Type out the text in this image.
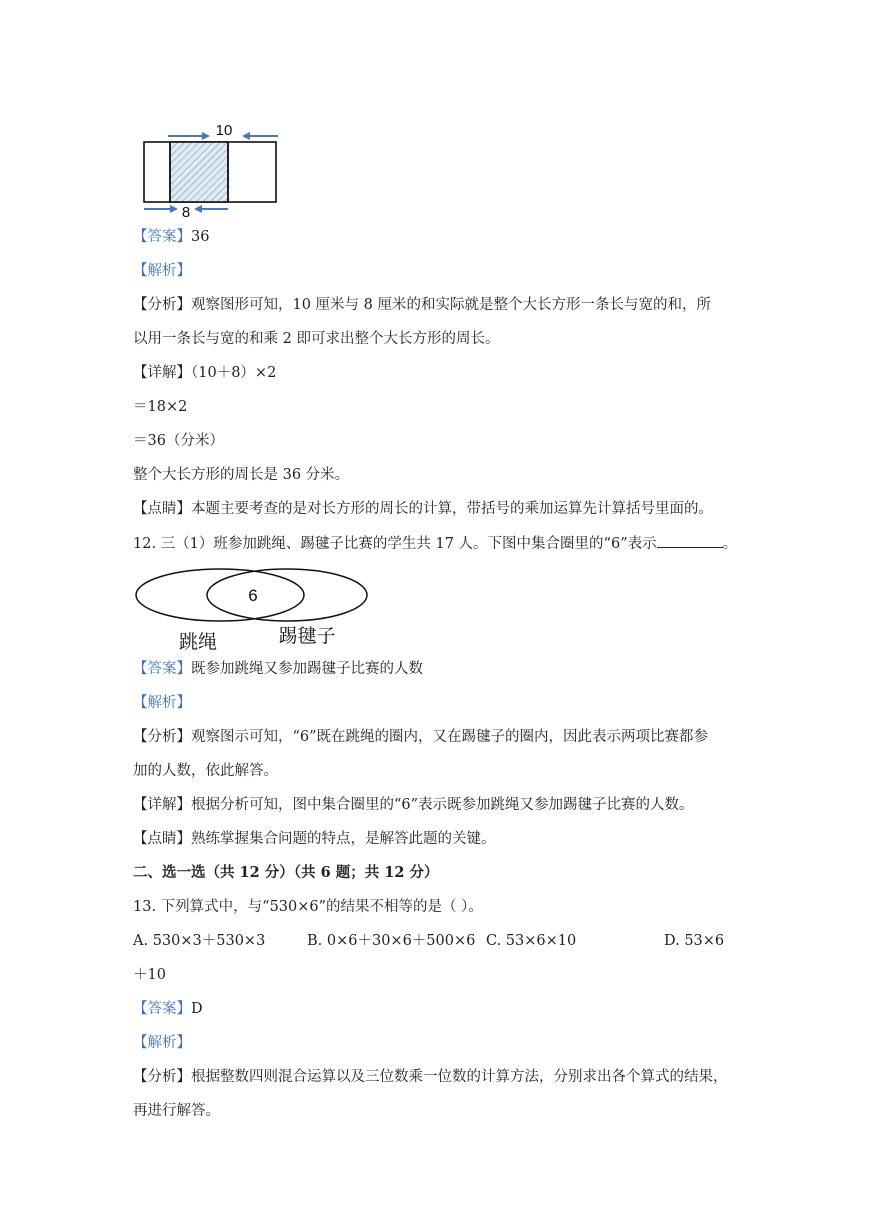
10
8
【答案】36
【解析】
【分析】观察图形可知，10 厘米与 8 厘米的和实际就是整个大长方形一条长与宽的和，所
以用一条长与宽的和乘 2 即可求出整个大长方形的周长。
【详解】（10＋8）×2
＝18×2
＝36（分米）
整个大长方形的周长是 36 分米。
【点睛】本题主要考查的是对长方形的周长的计算，带括号的乘加运算先计算括号里面的。
12. 三（1）班参加跳绳、踢毽子比赛的学生共 17 人。下图中集合圈里的“6”表示	。
6
跳绳	踢毽子
【答案】既参加跳绳又参加踢毽子比赛的人数
【解析】
【分析】观察图示可知，“6”既在跳绳的圈内，又在踢毽子的圈内，因此表示两项比赛都参
加的人数，依此解答。
【详解】根据分析可知，图中集合圈里的“6”表示既参加跳绳又参加踢毽子比赛的人数。
【点睛】熟练掌握集合问题的特点，是解答此题的关键。
二、选一选（共 12 分）（共 6 题；共 12 分）
13. 下列算式中，与“530×6”的结果不相等的是（ ）。
A. 530×3＋530×3	B. 0×6＋30×6＋500×6 C. 53×6×10	D. 53×6
＋10
【答案】D
【解析】
【分析】根据整数四则混合运算以及三位数乘一位数的计算方法，分别求出各个算式的结果，
再进行解答。
